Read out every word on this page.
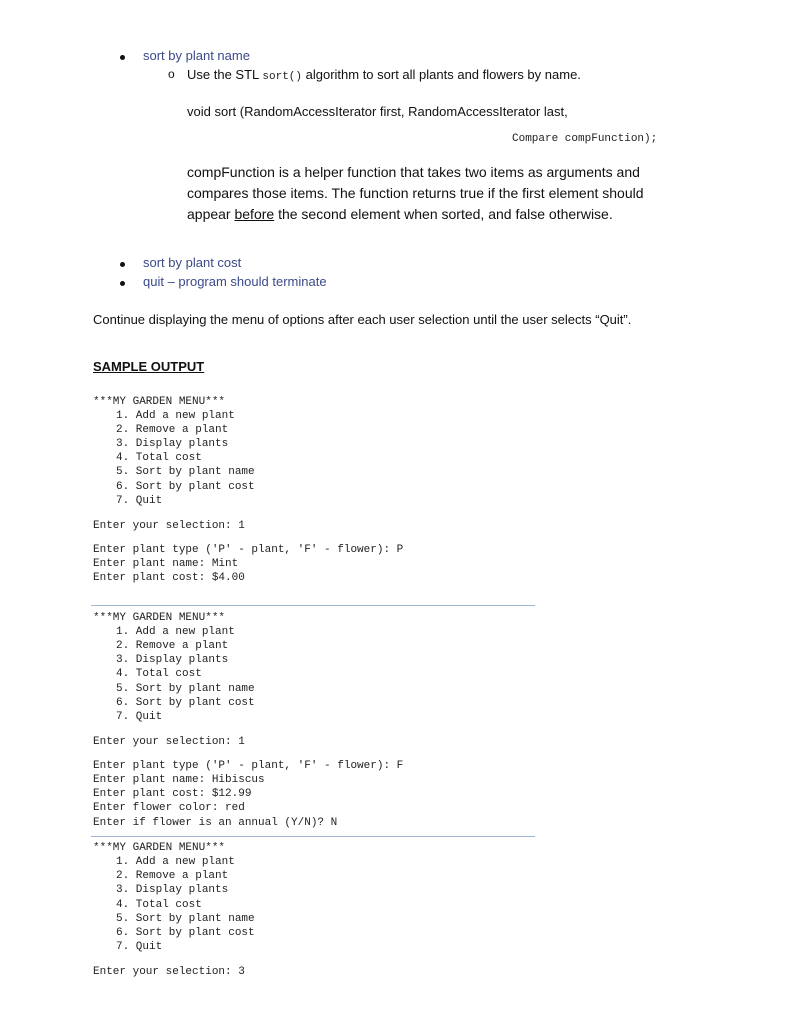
sort by plant name
o Use the STL sort() algorithm to sort all plants and flowers by name.
void sort (RandomAccessIterator first, RandomAccessIterator last,
Compare compFunction);
compFunction is a helper function that takes two items as arguments and
compares those items. The function returns true if the first element should
appear before the second element when sorted, and false otherwise.
sort by plant cost
quit – program should terminate
Continue displaying the menu of options after each user selection until the user selects “Quit”.
SAMPLE OUTPUT
***MY GARDEN MENU***
1. Add a new plant
2. Remove a plant
3. Display plants
4. Total cost
5. Sort by plant name
6. Sort by plant cost
7. Quit
Enter your selection: 1
Enter plant type ('P' - plant, 'F' - flower): P
Enter plant name: Mint
Enter plant cost: $4.00
***MY GARDEN MENU***
1. Add a new plant
2. Remove a plant
3. Display plants
4. Total cost
5. Sort by plant name
6. Sort by plant cost
7. Quit
Enter your selection: 1
Enter plant type ('P' - plant, 'F' - flower): F
Enter plant name: Hibiscus
Enter plant cost: $12.99
Enter flower color: red
Enter if flower is an annual (Y/N)? N
***MY GARDEN MENU***
1. Add a new plant
2. Remove a plant
3. Display plants
4. Total cost
5. Sort by plant name
6. Sort by plant cost
7. Quit
Enter your selection: 3
